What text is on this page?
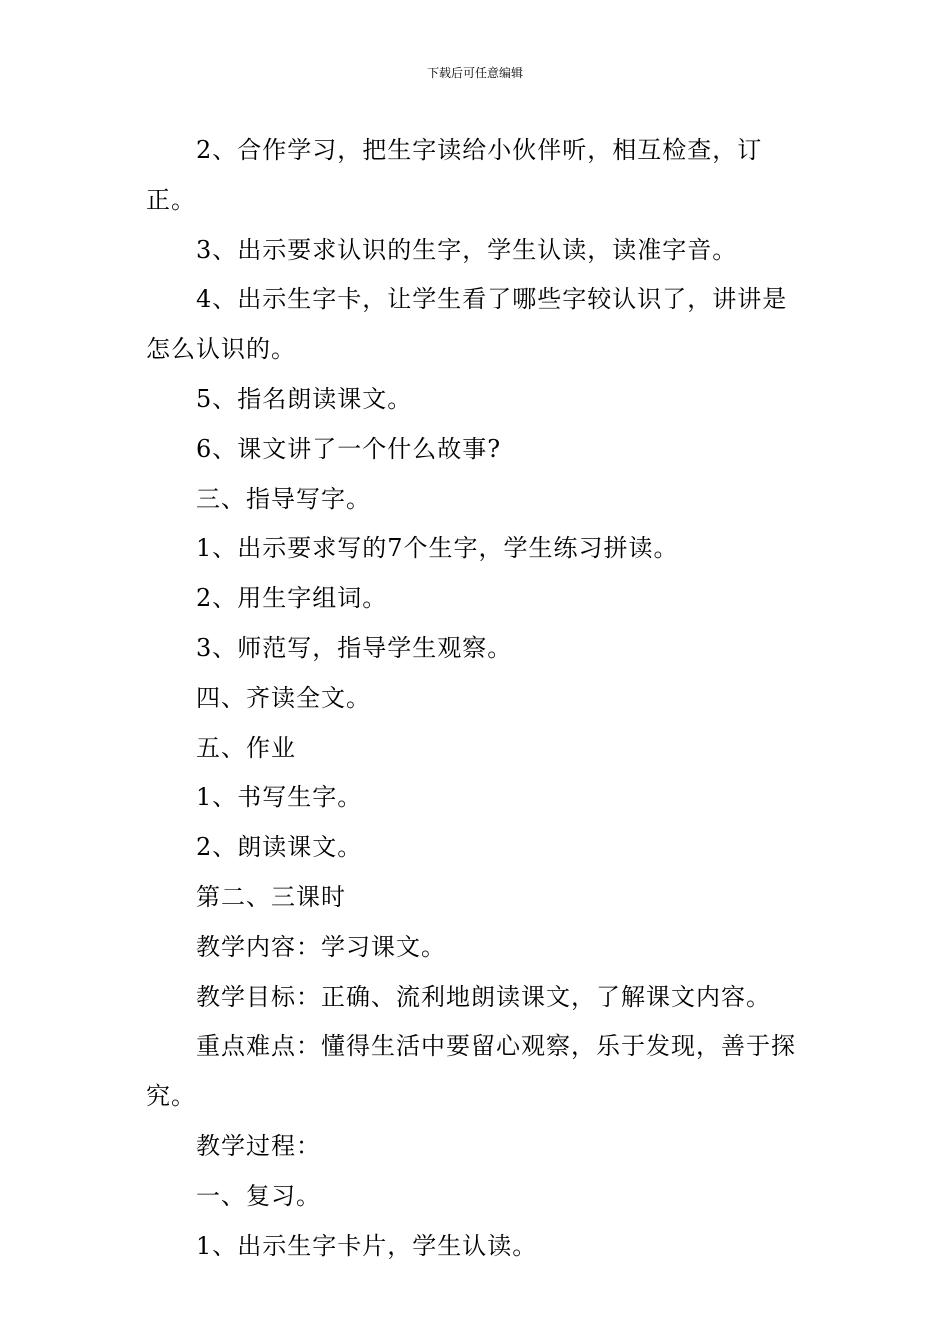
下载后可任意编辑

2、合作学习，把生字读给小伙伴听，相互检查，订正。

3、出示要求认识的生字，学生认读，读准字音。

4、出示生字卡，让学生看了哪些字较认识了，讲讲是怎么认识的。

5、指名朗读课文。

6、课文讲了一个什么故事?

三、指导写字。

1、出示要求写的7个生字，学生练习拼读。

2、用生字组词。

3、师范写，指导学生观察。

四、齐读全文。

五、作业

1、书写生字。

2、朗读课文。

第二、三课时

教学内容：学习课文。

教学目标：正确、流利地朗读课文，了解课文内容。

重点难点：懂得生活中要留心观察，乐于发现，善于探究。

教学过程：

一、复习。

1、出示生字卡片，学生认读。
